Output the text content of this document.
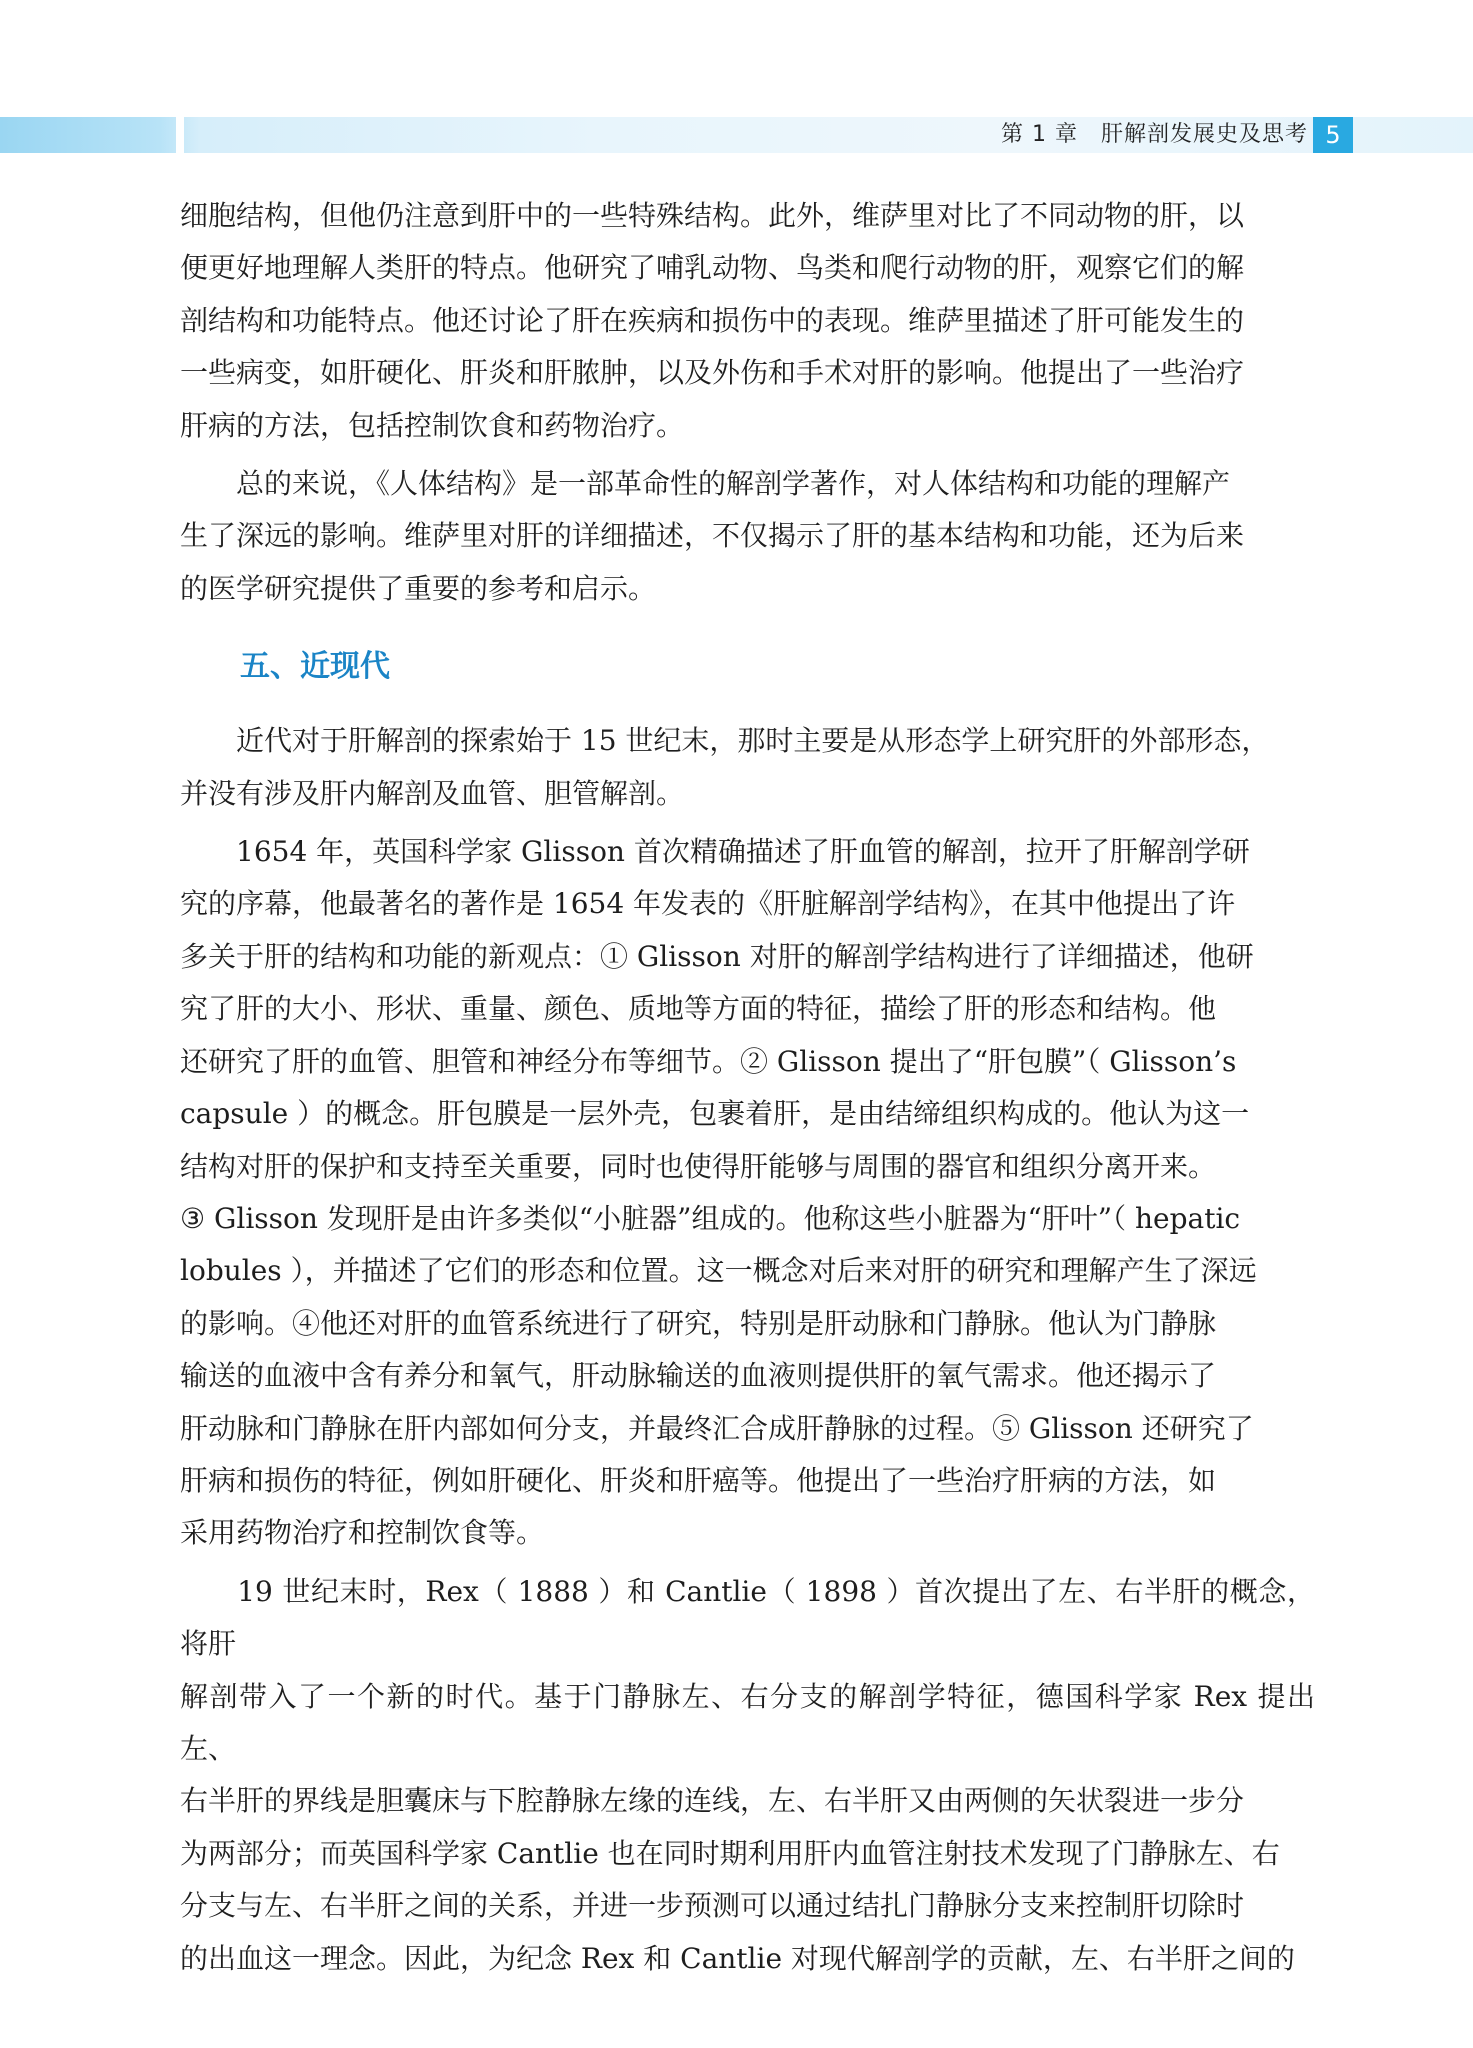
第 1 章　肝解剖发展史及思考 5

细胞结构，但他仍注意到肝中的一些特殊结构。此外，维萨里对比了不同动物的肝，以
便更好地理解人类肝的特点。他研究了哺乳动物、鸟类和爬行动物的肝，观察它们的解
剖结构和功能特点。他还讨论了肝在疾病和损伤中的表现。维萨里描述了肝可能发生的
一些病变，如肝硬化、肝炎和肝脓肿，以及外伤和手术对肝的影响。他提出了一些治疗
肝病的方法，包括控制饮食和药物治疗。

　　总的来说，《人体结构》是一部革命性的解剖学著作，对人体结构和功能的理解产
生了深远的影响。维萨里对肝的详细描述，不仅揭示了肝的基本结构和功能，还为后来
的医学研究提供了重要的参考和启示。

五、近现代

　　近代对于肝解剖的探索始于 15 世纪末，那时主要是从形态学上研究肝的外部形态，
并没有涉及肝内解剖及血管、胆管解剖。

　　1654 年，英国科学家 Glisson 首次精确描述了肝血管的解剖，拉开了肝解剖学研
究的序幕，他最著名的著作是 1654 年发表的《肝脏解剖学结构》，在其中他提出了许
多关于肝的结构和功能的新观点：① Glisson 对肝的解剖学结构进行了详细描述，他研
究了肝的大小、形状、重量、颜色、质地等方面的特征，描绘了肝的形态和结构。他
还研究了肝的血管、胆管和神经分布等细节。② Glisson 提出了“肝包膜”（ Glisson’s
capsule ）的概念。肝包膜是一层外壳，包裹着肝，是由结缔组织构成的。他认为这一
结构对肝的保护和支持至关重要，同时也使得肝能够与周围的器官和组织分离开来。
③ Glisson 发现肝是由许多类似“小脏器”组成的。他称这些小脏器为“肝叶”（ hepatic
lobules ），并描述了它们的形态和位置。这一概念对后来对肝的研究和理解产生了深远
的影响。④他还对肝的血管系统进行了研究，特别是肝动脉和门静脉。他认为门静脉
输送的血液中含有养分和氧气，肝动脉输送的血液则提供肝的氧气需求。他还揭示了
肝动脉和门静脉在肝内部如何分支，并最终汇合成肝静脉的过程。⑤ Glisson 还研究了
肝病和损伤的特征，例如肝硬化、肝炎和肝癌等。他提出了一些治疗肝病的方法，如
采用药物治疗和控制饮食等。

　　19 世纪末时，Rex（ 1888 ）和 Cantlie（ 1898 ）首次提出了左、右半肝的概念，将肝
解剖带入了一个新的时代。基于门静脉左、右分支的解剖学特征，德国科学家 Rex 提出左、
右半肝的界线是胆囊床与下腔静脉左缘的连线，左、右半肝又由两侧的矢状裂进一步分
为两部分；而英国科学家 Cantlie 也在同时期利用肝内血管注射技术发现了门静脉左、右
分支与左、右半肝之间的关系，并进一步预测可以通过结扎门静脉分支来控制肝切除时
的出血这一理念。因此，为纪念 Rex 和 Cantlie 对现代解剖学的贡献，左、右半肝之间的
